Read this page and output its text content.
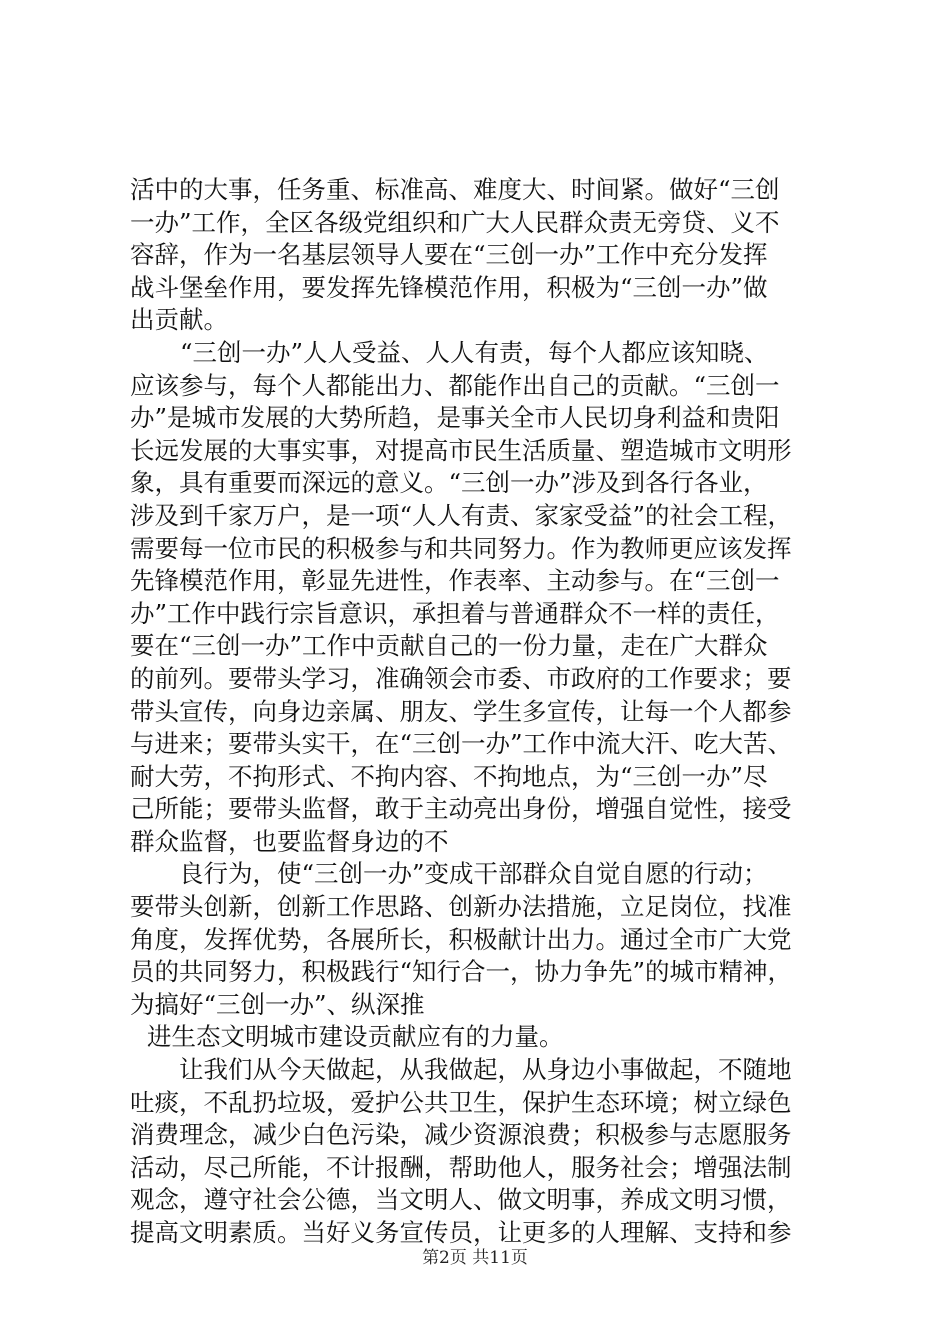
活中的大事，任务重、标准高、难度大、时间紧。做好“三创
一办”工作，全区各级党组织和广大人民群众责无旁贷、义不
容辞，作为一名基层领导人要在“三创一办”工作中充分发挥
战斗堡垒作用，要发挥先锋模范作用，积极为“三创一办”做
出贡献。
“三创一办”人人受益、人人有责，每个人都应该知晓、
应该参与，每个人都能出力、都能作出自己的贡献。“三创一
办”是城市发展的大势所趋，是事关全市人民切身利益和贵阳
长远发展的大事实事，对提高市民生活质量、塑造城市文明形
象，具有重要而深远的意义。“三创一办”涉及到各行各业，
涉及到千家万户，是一项“人人有责、家家受益”的社会工程，
需要每一位市民的积极参与和共同努力。作为教师更应该发挥
先锋模范作用，彰显先进性，作表率、主动参与。在“三创一
办”工作中践行宗旨意识，承担着与普通群众不一样的责任，
要在“三创一办”工作中贡献自己的一份力量，走在广大群众
的前列。要带头学习，准确领会市委、市政府的工作要求；要
带头宣传，向身边亲属、朋友、学生多宣传，让每一个人都参
与进来；要带头实干，在“三创一办”工作中流大汗、吃大苦、
耐大劳，不拘形式、不拘内容、不拘地点，为“三创一办”尽
己所能；要带头监督，敢于主动亮出身份，增强自觉性，接受
群众监督，也要监督身边的不
良行为，使“三创一办”变成干部群众自觉自愿的行动；
要带头创新，创新工作思路、创新办法措施，立足岗位，找准
角度，发挥优势，各展所长，积极献计出力。通过全市广大党
员的共同努力，积极践行“知行合一，协力争先”的城市精神，
为搞好“三创一办”、纵深推
进生态文明城市建设贡献应有的力量。
让我们从今天做起，从我做起，从身边小事做起，不随地
吐痰，不乱扔垃圾，爱护公共卫生，保护生态环境；树立绿色
消费理念，减少白色污染，减少资源浪费；积极参与志愿服务
活动，尽己所能，不计报酬，帮助他人，服务社会；增强法制
观念，遵守社会公德，当文明人、做文明事，养成文明习惯，
提高文明素质。当好义务宣传员，让更多的人理解、支持和参
第2页 共11页
